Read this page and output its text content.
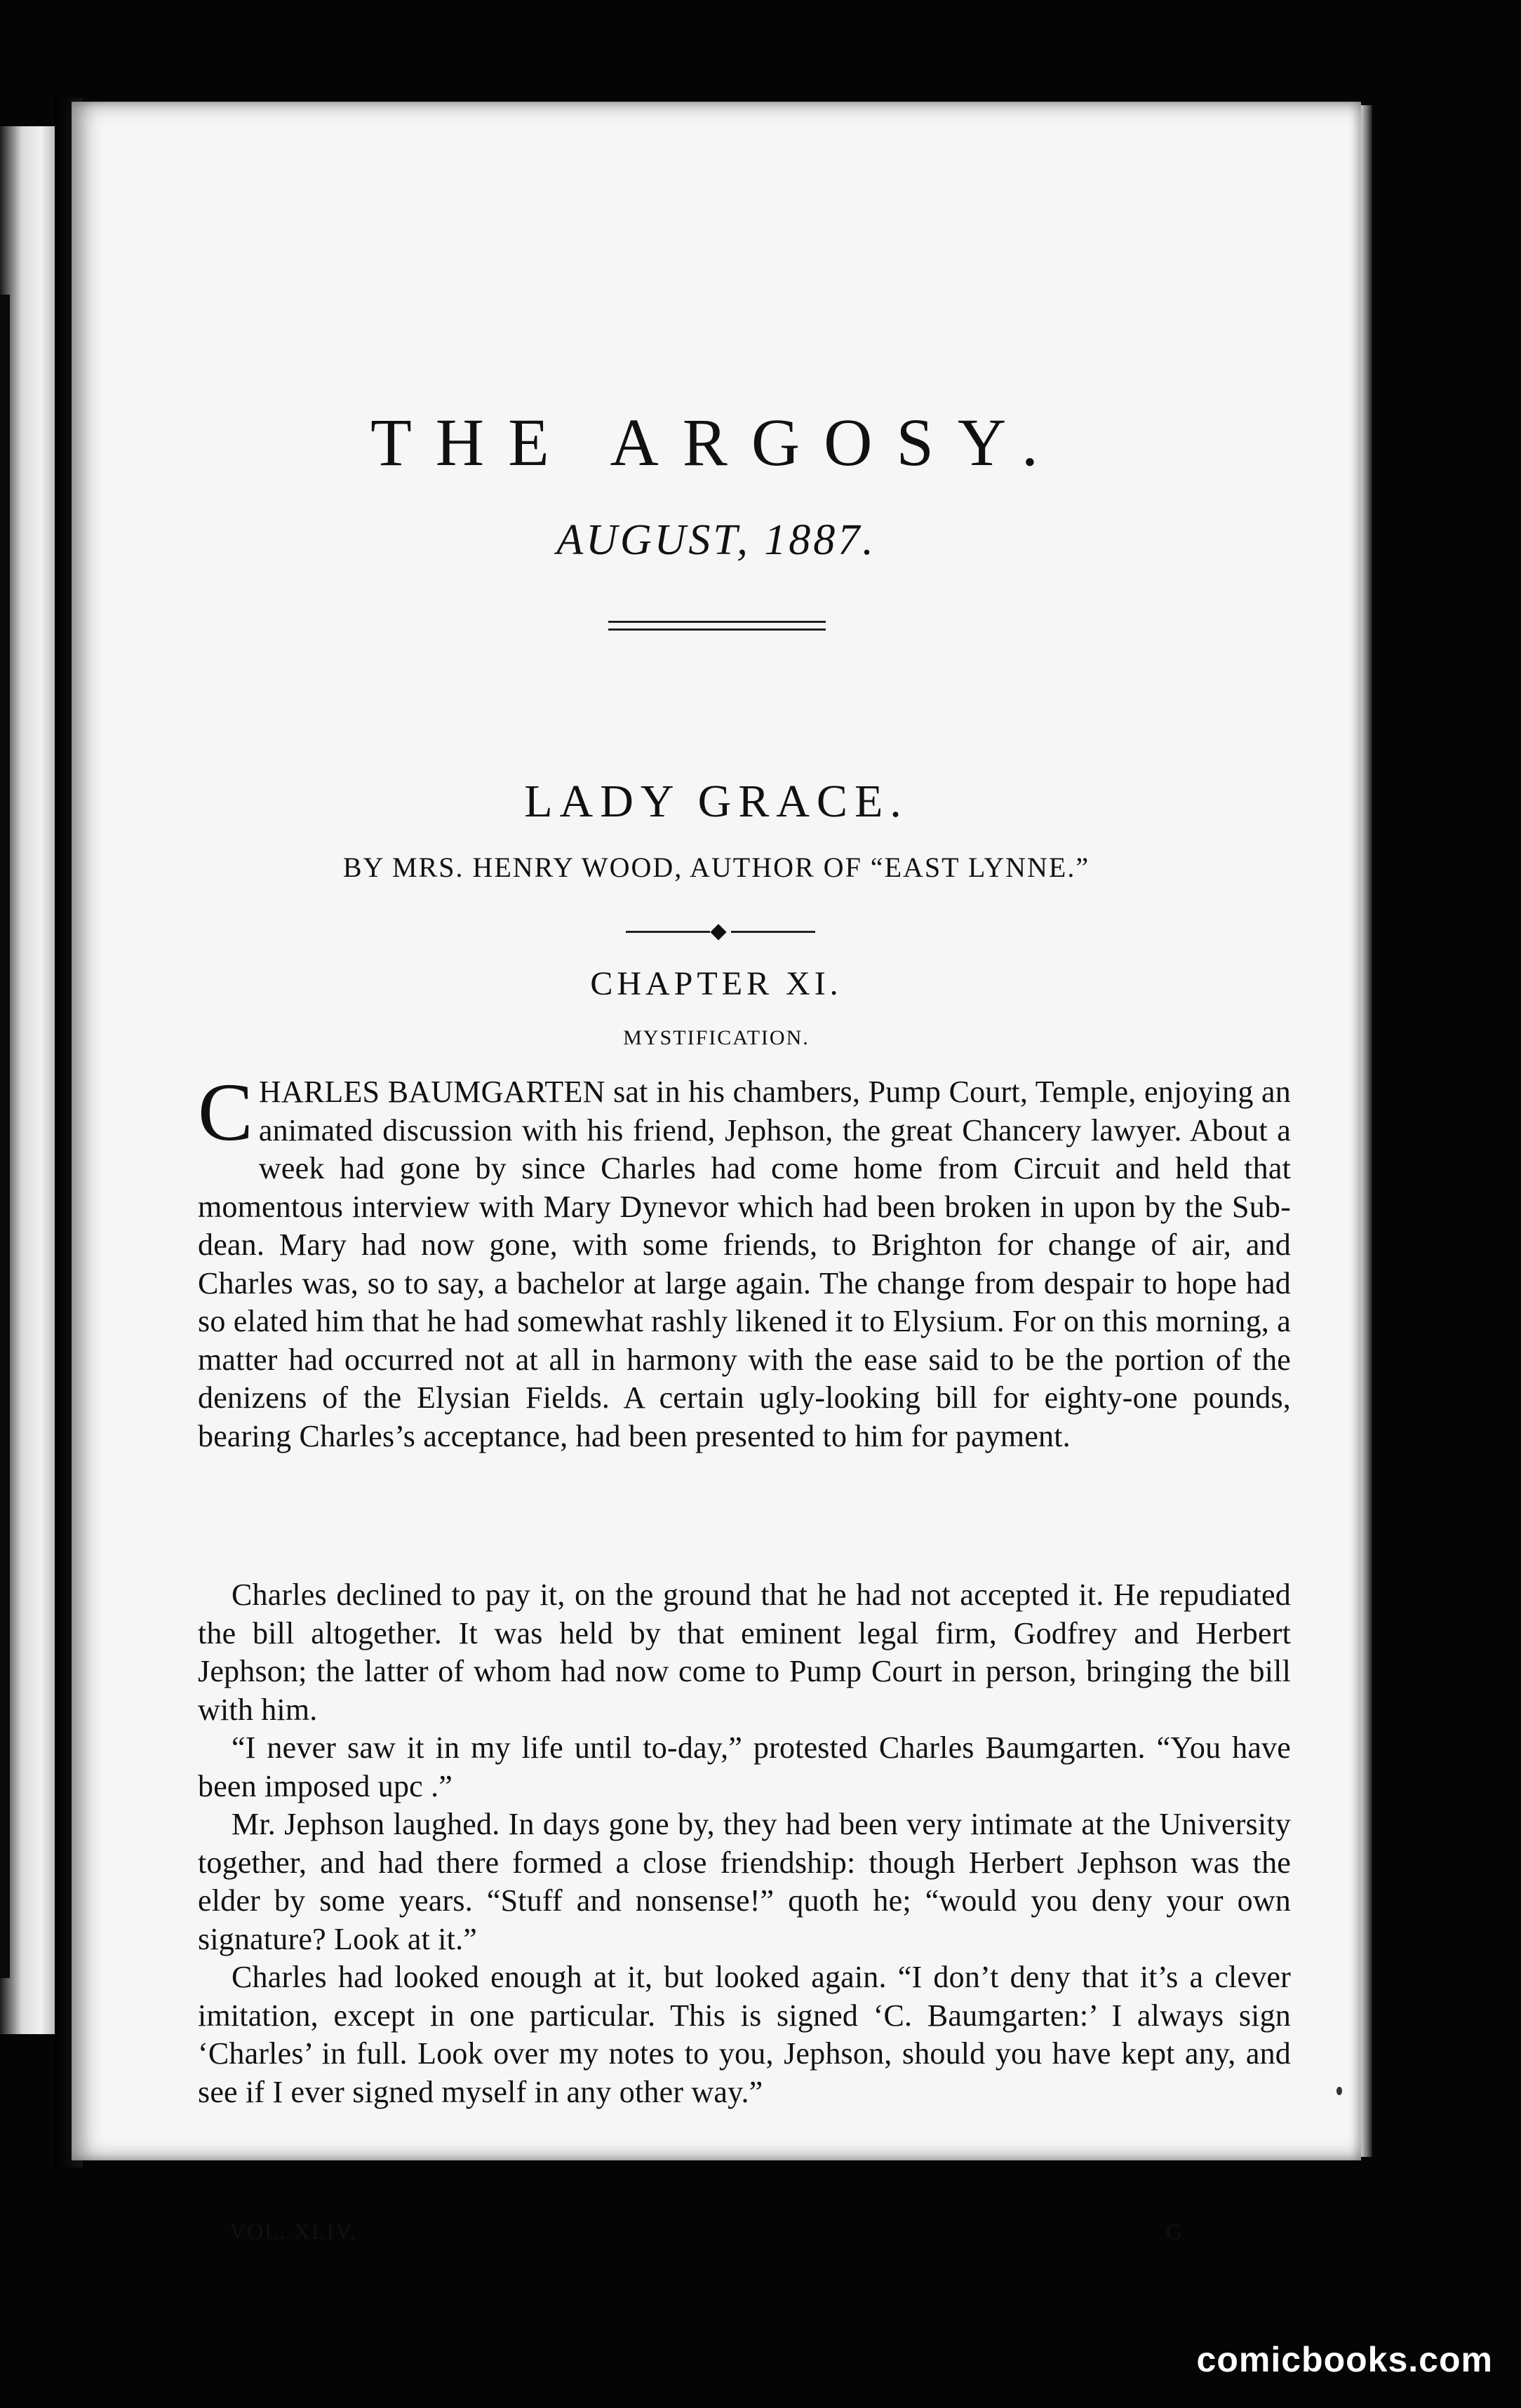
THE ARGOSY.
AUGUST, 1887.
LADY GRACE.
BY MRS. HENRY WOOD, AUTHOR OF “EAST LYNNE.”
⬥
CHAPTER XI.
MYSTIFICATION.
C HARLES BAUMGARTEN sat in his chambers, Pump Court, Temple, enjoying an animated discussion with his friend, Jephson, the great Chancery lawyer. About a week had gone by since Charles had come home from Circuit and held that momentous interview with Mary Dynevor which had been broken in upon by the Sub-dean. Mary had now gone, with some friends, to Brighton for change of air, and Charles was, so to say, a bachelor at large again. The change from despair to hope had so elated him that he had somewhat rashly likened it to Elysium. For on this morning, a matter had occurred not at all in harmony with the ease said to be the portion of the denizens of the Elysian Fields. A certain ugly-looking bill for eighty-one pounds, bearing Charles’s acceptance, had been presented to him for payment.

Charles declined to pay it, on the ground that he had not accepted it. He repudiated the bill altogether. It was held by that eminent legal firm, Godfrey and Herbert Jephson; the latter of whom had now come to Pump Court in person, bringing the bill with him.

“I never saw it in my life until to-day,” protested Charles Baumgarten. “You have been imposed upc .”

Mr. Jephson laughed. In days gone by, they had been very intimate at the University together, and had there formed a close friendship: though Herbert Jephson was the elder by some years. “Stuff and nonsense!” quoth he; “would you deny your own signature? Look at it.”

Charles had looked enough at it, but looked again. “I don’t deny that it’s a clever imitation, except in one particular. This is signed ‘C. Baumgarten:’ I always sign ‘Charles’ in full. Look over my notes to you, Jephson, should you have kept any, and see if I ever signed myself in any other way.”

VOL. XLIV.	G
comicbooks.com
